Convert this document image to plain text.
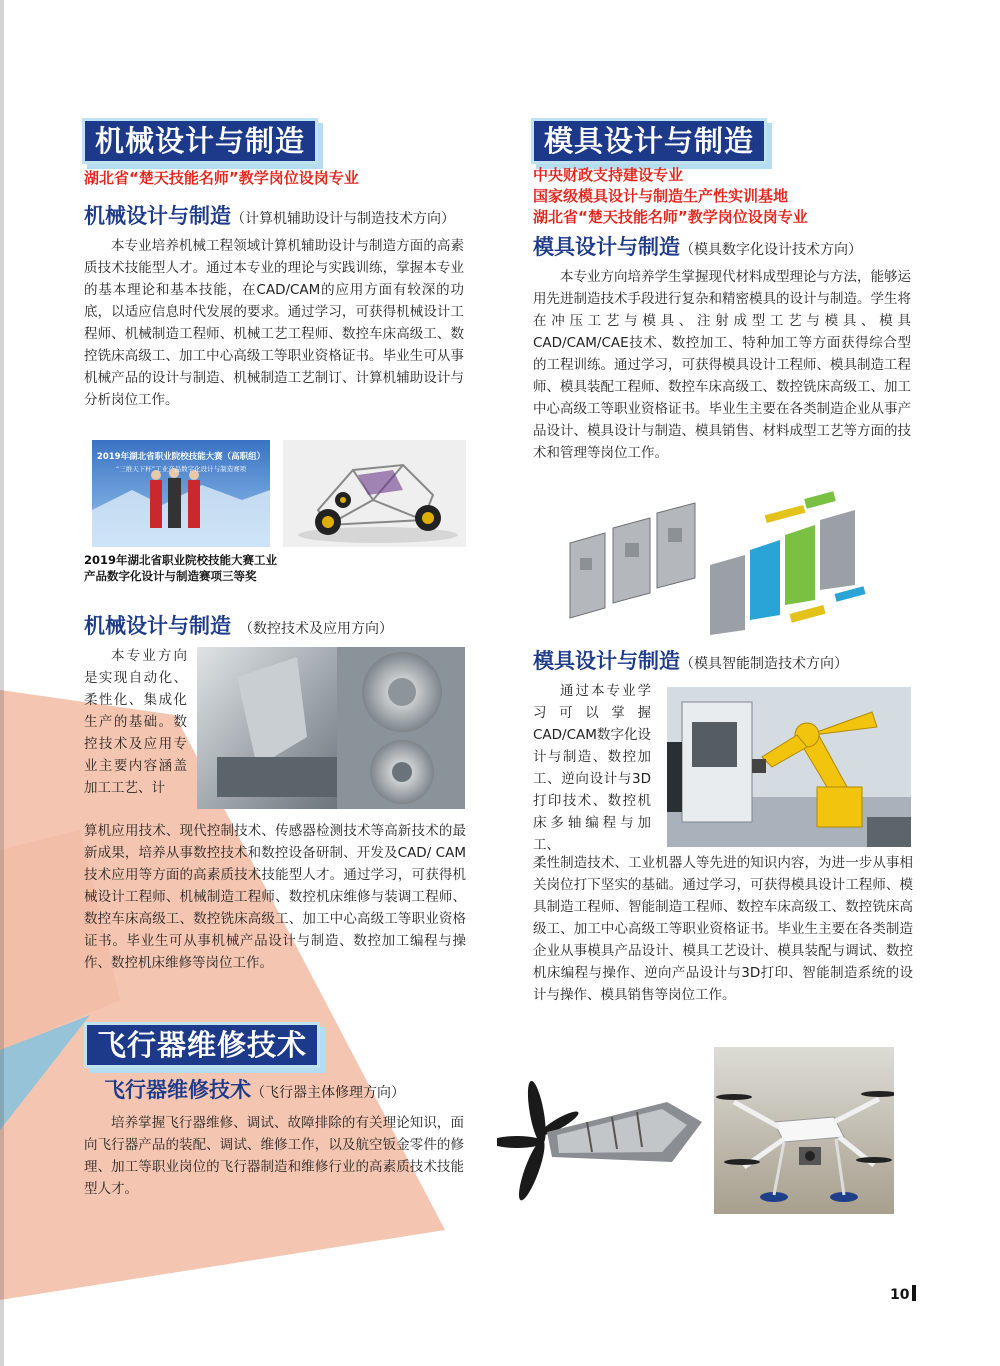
机械设计与制造
湖北省“楚天技能名师”教学岗位设岗专业
机械设计与制造（计算机辅助设计与制造技术方向）
本专业培养机械工程领域计算机辅助设计与制造方面的高素质技术技能型人才。通过本专业的理论与实践训练，掌握本专业的基本理论和基本技能，在CAD/CAM的应用方面有较深的功底，以适应信息时代发展的要求。通过学习，可获得机械设计工程师、机械制造工程师、机械工艺工程师、数控车床高级工、数控铣床高级工、加工中心高级工等职业资格证书。毕业生可从事机械产品的设计与制造、机械制造工艺制订、计算机辅助设计与分析岗位工作。
2019年湖北省职业院校技能大赛（高职组）
“三维天下杯”工业产品数字化设计与制造赛项
2019年湖北省职业院校技能大赛工业产品数字化设计与制造赛项三等奖
机械设计与制造 （数控技术及应用方向）
本专业方向是实现自动化、柔性化、集成化生产的基础。数控技术及应用专业主要内容涵盖加工工艺、计
算机应用技术、现代控制技术、传感器检测技术等高新技术的最新成果，培养从事数控技术和数控设备研制、开发及CAD/ CAM技术应用等方面的高素质技术技能型人才。通过学习，可获得机械设计工程师、机械制造工程师、数控机床维修与装调工程师、数控车床高级工、数控铣床高级工、加工中心高级工等职业资格证书。毕业生可从事机械产品设计与制造、数控加工编程与操作、数控机床维修等岗位工作。
飞行器维修技术
飞行器维修技术（飞行器主体修理方向）
培养掌握飞行器维修、调试、故障排除的有关理论知识，面向飞行器产品的装配、调试、维修工作，以及航空钣金零件的修理、加工等职业岗位的飞行器制造和维修行业的高素质技术技能型人才。
模具设计与制造
中央财政支持建设专业
国家级模具设计与制造生产性实训基地
湖北省“楚天技能名师”教学岗位设岗专业
模具设计与制造（模具数字化设计技术方向）
本专业方向培养学生掌握现代材料成型理论与方法，能够运用先进制造技术手段进行复杂和精密模具的设计与制造。学生将在冲压工艺与模具、注射成型工艺与模具、模具CAD/CAM/CAE技术、数控加工、特种加工等方面获得综合型的工程训练。通过学习，可获得模具设计工程师、模具制造工程师、模具装配工程师、数控车床高级工、数控铣床高级工、加工中心高级工等职业资格证书。毕业生主要在各类制造企业从事产品设计、模具设计与制造、模具销售、材料成型工艺等方面的技术和管理等岗位工作。
模具设计与制造（模具智能制造技术方向）
通过本专业学习可以掌握CAD/CAM数字化设计与制造、数控加工、逆向设计与3D打印技术、数控机床多轴编程与加工、
柔性制造技术、工业机器人等先进的知识内容，为进一步从事相关岗位打下坚实的基础。通过学习，可获得模具设计工程师、模具制造工程师、智能制造工程师、数控车床高级工、数控铣床高级工、加工中心高级工等职业资格证书。毕业生主要在各类制造企业从事模具产品设计、模具工艺设计、模具装配与调试、数控机床编程与操作、逆向产品设计与3D打印、智能制造系统的设计与操作、模具销售等岗位工作。
10
